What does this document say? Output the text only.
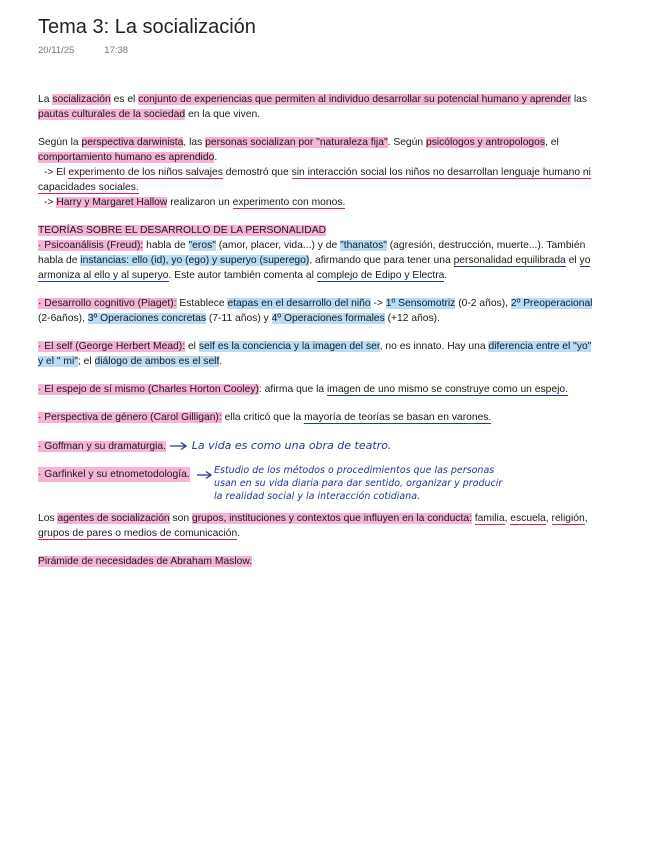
Tema 3: La socialización
20/11/25	17:38

La socialización es el conjunto de experiencias que permiten al individuo desarrollar su potencial humano y aprender las
pautas culturales de la sociedad en la que viven.

Según la perspectiva darwinista, las personas socializan por "naturaleza fija". Según psicólogos y antropologos, el
comportamiento humano es aprendido.
-> El experimento de los niños salvajes demostró que sin interacción social los niños no desarrollan lenguaje humano ni
capacidades sociales.
-> Harry y Margaret Hallow realizaron un experimento con monos.

TEORÍAS SOBRE EL DESARROLLO DE LA PERSONALIDAD

· Psicoanálisis (Freud): habla de "eros" (amor, placer, vida...) y de "thanatos" (agresión, destrucción, muerte...). También
habla de instancias: ello (id), yo (ego) y superyo (superego), afirmando que para tener una personalidad equilibrada el yo
armoniza al ello y al superyo. Este autor también comenta al complejo de Edipo y Electra.

· Desarrollo cognitivo (Piaget): Establece etapas en el desarrollo del niño -> 1º Sensomotriz (0-2 años), 2º Preoperacional
(2-6años), 3º Operaciones concretas (7-11 años) y 4º Operaciones formales (+12 años).

· El self (George Herbert Mead): el self es la conciencia y la imagen del ser, no es innato. Hay una diferencia entre el "yo"
y el " mi"; el diálogo de ambos es el self.

· El espejo de sí mismo (Charles Horton Cooley): afirma que la imagen de uno mismo se construye como un espejo.

· Perspectiva de género (Carol Gilligan): ella criticó que la mayoría de teorías se basan en varones.

· Goffman y su dramaturgia. La vida es como una obra de teatro.

· Garfinkel y su etnometodología.	Estudio de los métodos o procedimientos que las personas
usan en su vida diaria para dar sentido, organizar y producir
la realidad social y la interacción cotidiana.

Los agentes de socialización son grupos, instituciones y contextos que influyen en la conducta: familia, escuela, religión,
grupos de pares o medios de comunicación.

Pirámide de necesidades de Abraham Maslow.
